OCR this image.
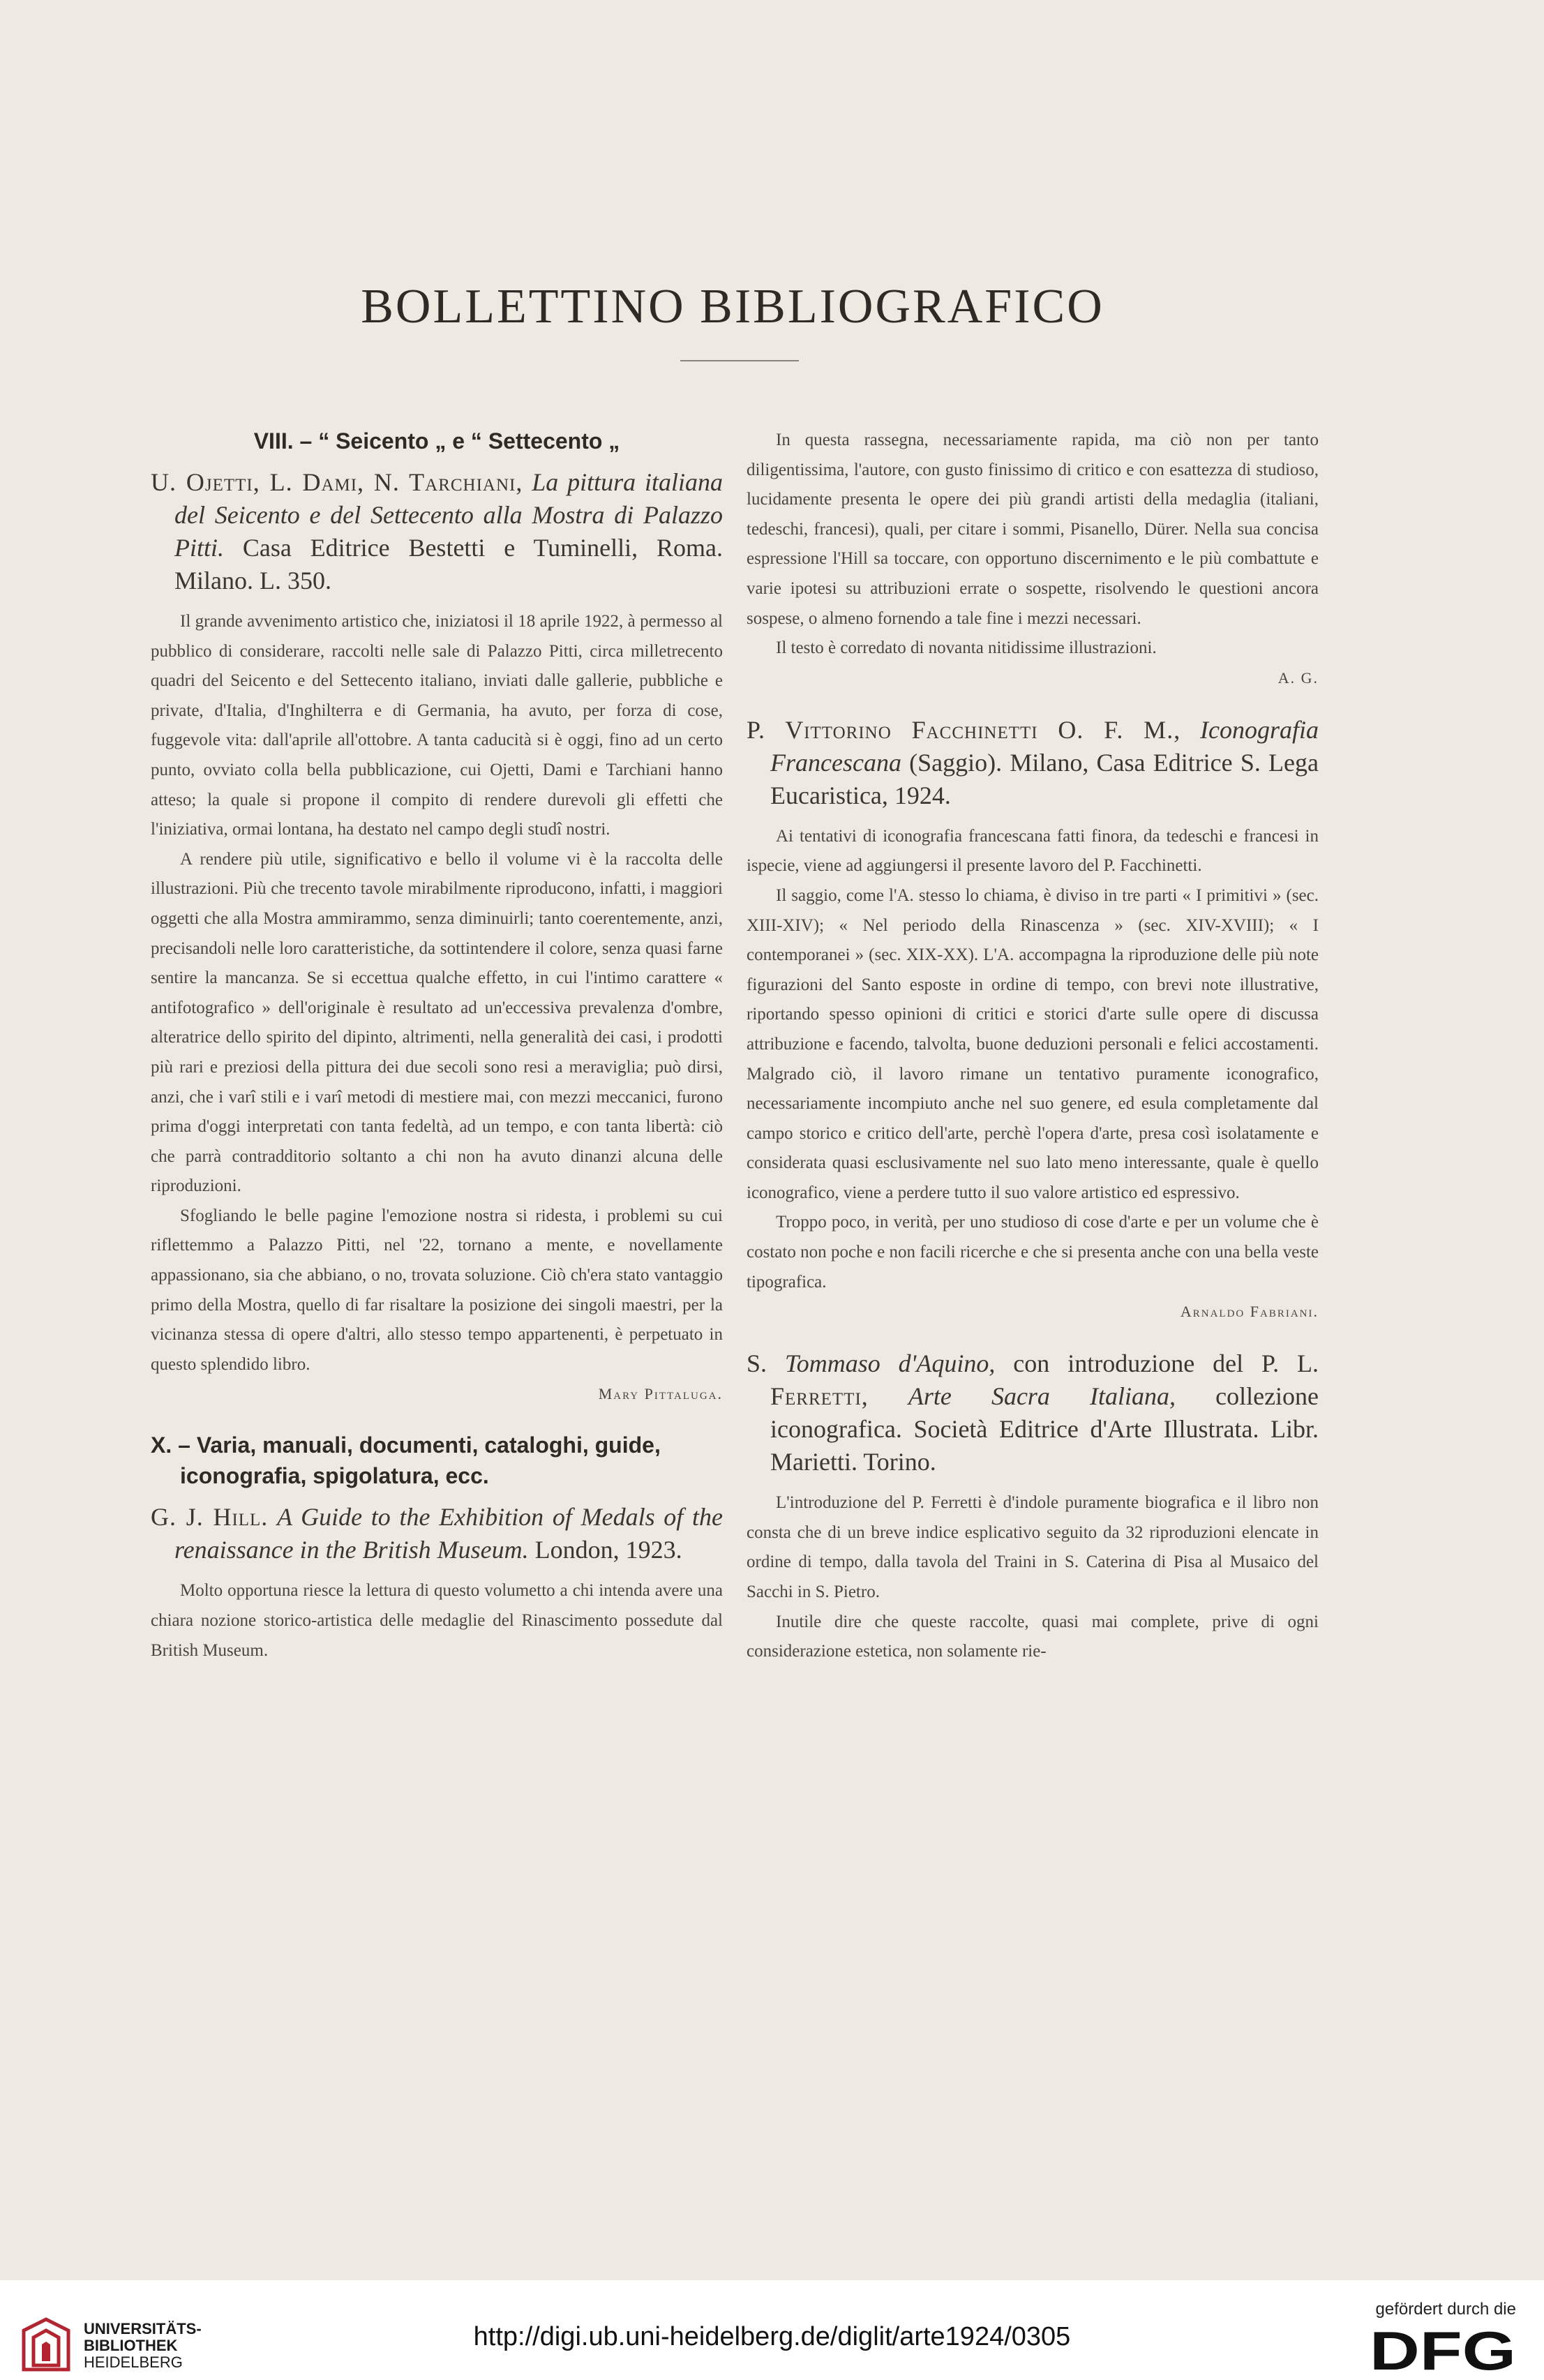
BOLLETTINO BIBLIOGRAFICO

VIII. – “ Seicento „ e “ Settecento „

U. Ojetti, L. Dami, N. Tarchiani, La pittura italiana del Seicento e del Settecento alla Mostra di Palazzo Pitti. Casa Editrice Bestetti e Tuminelli, Roma. Milano. L. 350.

Il grande avvenimento artistico che, iniziatosi il 18 aprile 1922, à permesso al pubblico di considerare, raccolti nelle sale di Palazzo Pitti, circa milletrecento quadri del Seicento e del Settecento italiano, inviati dalle gallerie, pubbliche e private, d'Italia, d'Inghilterra e di Germania, ha avuto, per forza di cose, fuggevole vita: dall'aprile all'ottobre. A tanta caducità si è oggi, fino ad un certo punto, ovviato colla bella pubblicazione, cui Ojetti, Dami e Tarchiani hanno atteso; la quale si propone il compito di rendere durevoli gli effetti che l'iniziativa, ormai lontana, ha destato nel campo degli studî nostri.

A rendere più utile, significativo e bello il volume vi è la raccolta delle illustrazioni. Più che trecento tavole mirabilmente riproducono, infatti, i maggiori oggetti che alla Mostra ammirammo, senza diminuirli; tanto coerentemente, anzi, precisandoli nelle loro caratteristiche, da sottintendere il colore, senza quasi farne sentire la mancanza. Se si eccettua qualche effetto, in cui l'intimo carattere « antifotografico » dell'originale è resultato ad un'eccessiva prevalenza d'ombre, alteratrice dello spirito del dipinto, altrimenti, nella generalità dei casi, i prodotti più rari e preziosi della pittura dei due secoli sono resi a meraviglia; può dirsi, anzi, che i varî stili e i varî metodi di mestiere mai, con mezzi meccanici, furono prima d'oggi interpretati con tanta fedeltà, ad un tempo, e con tanta libertà: ciò che parrà contradditorio soltanto a chi non ha avuto dinanzi alcuna delle riproduzioni.

Sfogliando le belle pagine l'emozione nostra si ridesta, i problemi su cui riflettemmo a Palazzo Pitti, nel '22, tornano a mente, e novellamente appassionano, sia che abbiano, o no, trovata soluzione. Ciò ch'era stato vantaggio primo della Mostra, quello di far risaltare la posizione dei singoli maestri, per la vicinanza stessa di opere d'altri, allo stesso tempo appartenenti, è perpetuato in questo splendido libro.

Mary Pittaluga.

X. – Varia, manuali, documenti, cataloghi, guide, iconografia, spigolatura, ecc.

G. J. Hill. A Guide to the Exhibition of Medals of the renaissance in the British Museum. London, 1923.

Molto opportuna riesce la lettura di questo volumetto a chi intenda avere una chiara nozione storico-artistica delle medaglie del Rinascimento possedute dal British Museum.

In questa rassegna, necessariamente rapida, ma ciò non per tanto diligentissima, l'autore, con gusto finissimo di critico e con esattezza di studioso, lucidamente presenta le opere dei più grandi artisti della medaglia (italiani, tedeschi, francesi), quali, per citare i sommi, Pisanello, Dürer. Nella sua concisa espressione l'Hill sa toccare, con opportuno discernimento e le più combattute e varie ipotesi su attribuzioni errate o sospette, risolvendo le questioni ancora sospese, o almeno fornendo a tale fine i mezzi necessari.

Il testo è corredato di novanta nitidissime illustrazioni.

A. G.

P. Vittorino Facchinetti O. F. M., Iconografia Francescana (Saggio). Milano, Casa Editrice S. Lega Eucaristica, 1924.

Ai tentativi di iconografia francescana fatti finora, da tedeschi e francesi in ispecie, viene ad aggiungersi il presente lavoro del P. Facchinetti.

Il saggio, come l'A. stesso lo chiama, è diviso in tre parti « I primitivi » (sec. XIII-XIV); « Nel periodo della Rinascenza » (sec. XIV-XVIII); « I contemporanei » (sec. XIX-XX). L'A. accompagna la riproduzione delle più note figurazioni del Santo esposte in ordine di tempo, con brevi note illustrative, riportando spesso opinioni di critici e storici d'arte sulle opere di discussa attribuzione e facendo, talvolta, buone deduzioni personali e felici accostamenti. Malgrado ciò, il lavoro rimane un tentativo puramente iconografico, necessariamente incompiuto anche nel suo genere, ed esula completamente dal campo storico e critico dell'arte, perchè l'opera d'arte, presa così isolatamente e considerata quasi esclusivamente nel suo lato meno interessante, quale è quello iconografico, viene a perdere tutto il suo valore artistico ed espressivo.

Troppo poco, in verità, per uno studioso di cose d'arte e per un volume che è costato non poche e non facili ricerche e che si presenta anche con una bella veste tipografica.

Arnaldo Fabriani.

S. Tommaso d'Aquino, con introduzione del P. L. Ferretti, Arte Sacra Italiana, collezione iconografica. Società Editrice d'Arte Illustrata. Libr. Marietti. Torino.

L'introduzione del P. Ferretti è d'indole puramente biografica e il libro non consta che di un breve indice esplicativo seguito da 32 riproduzioni elencate in ordine di tempo, dalla tavola del Traini in S. Caterina di Pisa al Musaico del Sacchi in S. Pietro.

Inutile dire che queste raccolte, quasi mai complete, prive di ogni considerazione estetica, non solamente rie-

UNIVERSITÄTS-
BIBLIOTHEK
HEIDELBERG
http://digi.ub.uni-heidelberg.de/diglit/arte1924/0305
gefördert durch die
DFG
